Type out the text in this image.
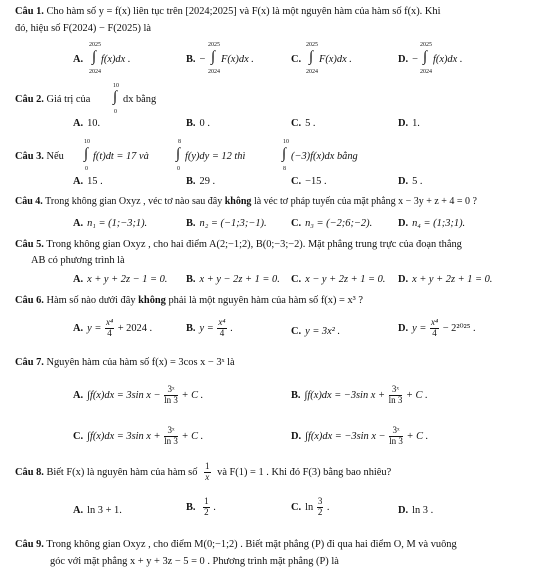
Câu 1. Cho hàm số y = f(x) liên tục trên [2024;2025] và F(x) là một nguyên hàm của hàm số f(x). Khi
đó, hiệu số F(2024) − F(2025) là
A.
2025
∫
2024
f(x)dx .	B. −
2025
∫
2024
F(x)dx .	C.
2025
∫
2024
F(x)dx .	D. −
2025
∫
2024
f(x)dx .
Câu 2. Giá trị của
10
∫
0
dx bằng
A. 10.	B. 0 .	C. 5 .	D. 1.
Câu 3. Nếu
10
∫
0
f(t)dt = 17 và
8
∫
0
f(y)dy = 12 thì
10
∫
8
(−3)f(x)dx bằng
A. 15 .	B. 29 .	C. −15 .	D. 5 .
Câu 4. Trong không gian Oxyz , véc tơ nào sau đây không là véc tơ pháp tuyến của mặt phẳng x − 3y + z + 4 = 0 ?
A. n₁ = (1;−3;1).	B. n₂ = (−1;3;−1). C. n₃ = (−2;6;−2). D. n₄ = (1;3;1).
Câu 5. Trong không gian Oxyz , cho hai điểm A(2;−1;2), B(0;−3;−2). Mặt phẳng trung trực của đoạn thẳng
AB có phương trình là
A. x + y + 2z − 1 = 0. B. x + y − 2z + 1 = 0. C. x − y + 2z + 1 = 0. D. x + y + 2z + 1 = 0.
Câu 6. Hàm số nào dưới đây không phải là một nguyên hàm của hàm số f(x) = x³ ?
A. $y = \frac{\text{x⁴}}{4} + 2024$ .	B. $y = \frac{\text{x⁴}}{4}$ .	C. y = 3x² .	D. $y = \frac{\text{x⁴}}{4} - 2^{2025}$ .
Câu 7. Nguyên hàm của hàm số f(x) = 3cos x − 3ˣ là
A. ∫f(x)dx = 3sin $x - \frac{\text{3ˣ}}{\ln 3} + C$ .	B. ∫f(x)dx = −3sin $x + \frac{\text{3ˣ}}{\ln 3} + C$ .
C. ∫f(x)dx = 3sin $x + \frac{\text{3ˣ}}{\ln 3} + C$ .	D. ∫f(x)dx = −3sin $x - \frac{\text{3ˣ}}{\ln 3} + C$ .
Câu 8. Biết F(x) là nguyên hàm của hàm số $\frac{1}{x}$ và F(1) = 1 . Khi đó F(3) bằng bao nhiêu?
A. ln 3 + 1.	B. $\frac{1}{2}$ .	C. $\ln \frac{3}{2}$ .	D. ln 3 .
Câu 9. Trong không gian Oxyz , cho điểm M(0;−1;2) . Biết mặt phẳng (P) đi qua hai điểm O, M và vuông
góc với mặt phẳng x + y + 3z − 5 = 0 . Phương trình mặt phẳng (P) là
